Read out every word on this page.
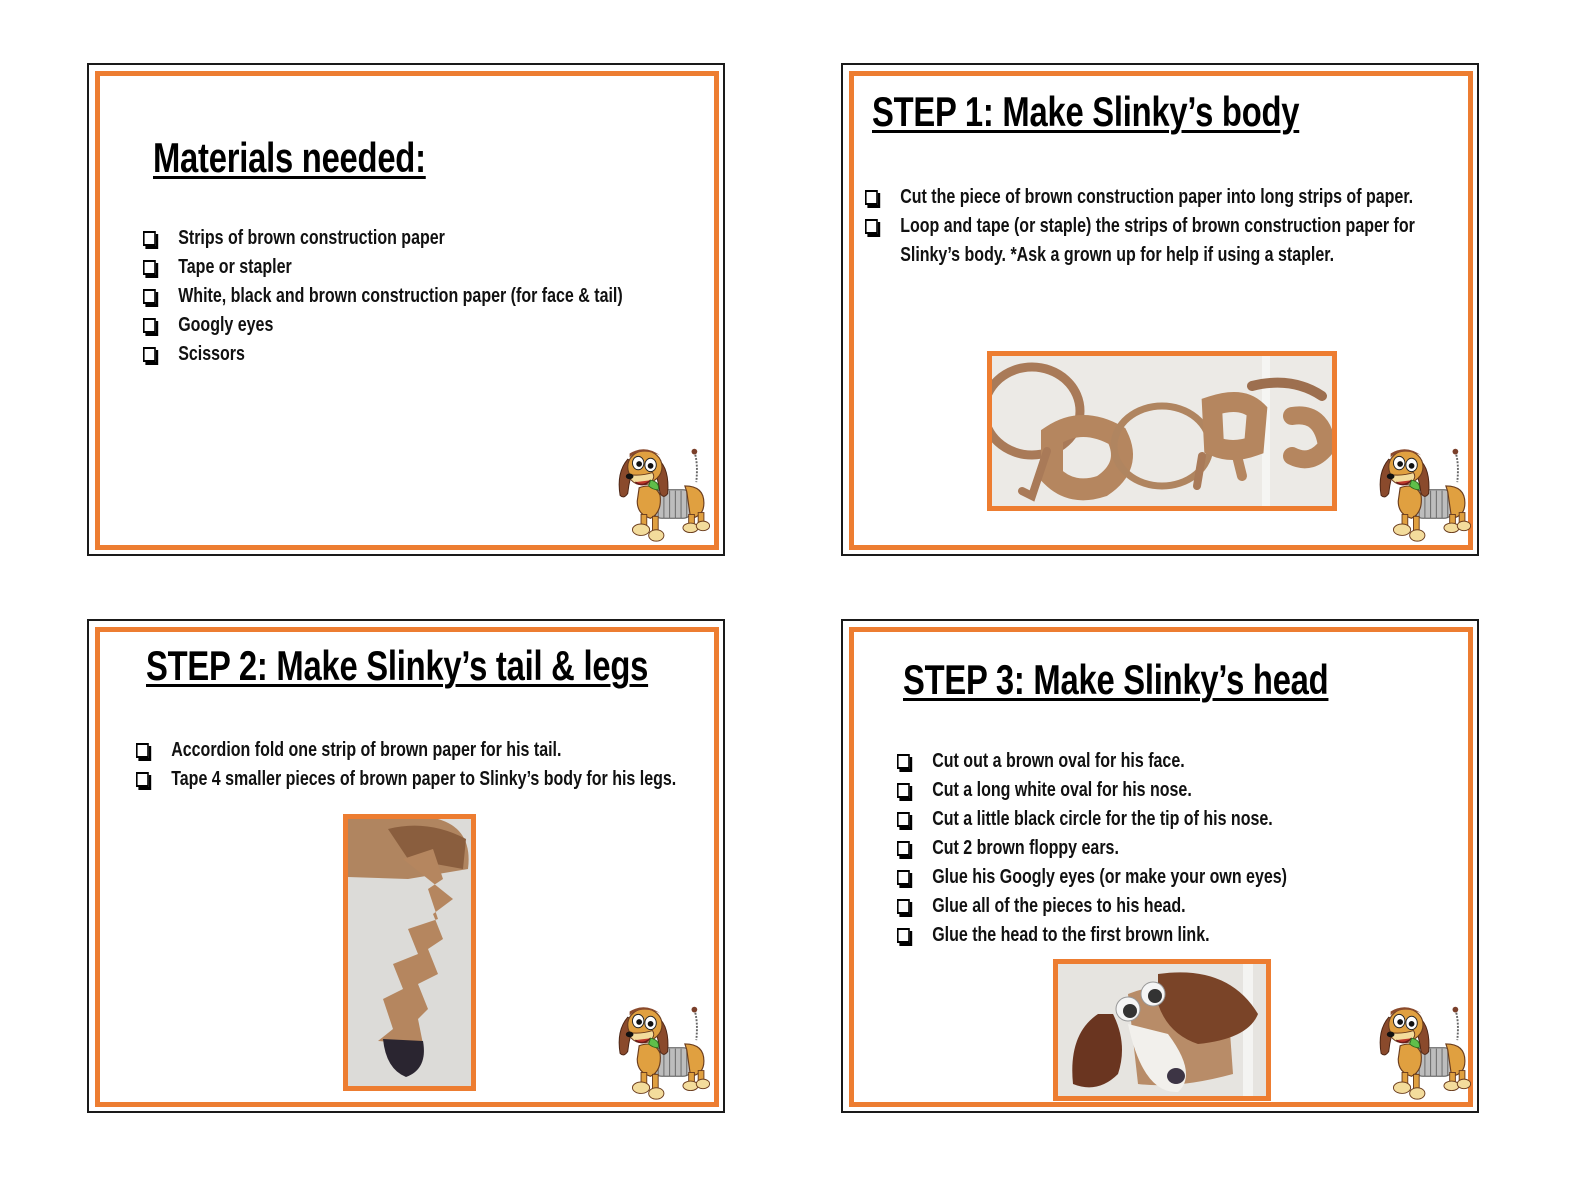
Materials needed:
Strips of brown construction paper
Tape or stapler
White, black and brown construction paper (for face & tail)
Googly eyes
Scissors
STEP 1: Make Slinky’s body
Cut the piece of brown construction paper into long strips of paper.
Loop and tape (or staple) the strips of brown construction paper for Slinky’s body. *Ask a grown up for help if using a stapler.
STEP 2: Make Slinky’s tail & legs
Accordion fold one strip of brown paper for his tail.
Tape 4 smaller pieces of brown paper to Slinky’s body for his legs.
STEP 3: Make Slinky’s head
Cut out a brown oval for his face.
Cut a long white oval for his nose.
Cut a little black circle for the tip of his nose.
Cut 2 brown floppy ears.
Glue his Googly eyes (or make your own eyes)
Glue all of the pieces to his head.
Glue the head to the first brown link.
